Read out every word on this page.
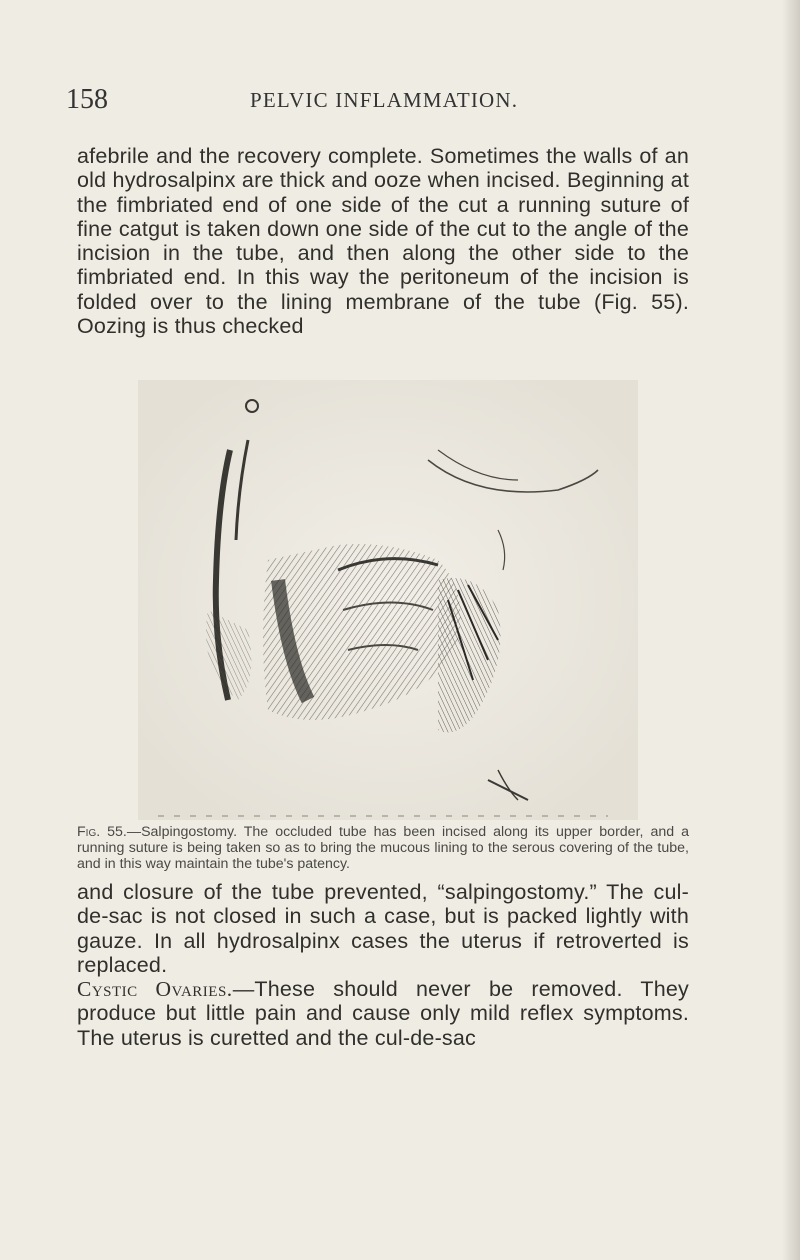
158	PELVIC INFLAMMATION.
afebrile and the recovery complete. Sometimes the walls of an old hydrosalpinx are thick and ooze when incised. Beginning at the fimbriated end of one side of the cut a running suture of fine catgut is taken down one side of the cut to the angle of the incision in the tube, and then along the other side to the fimbriated end. In this way the peritoneum of the incision is folded over to the lining membrane of the tube (Fig. 55). Oozing is thus checked
Fig. 55.—Salpingostomy. The occluded tube has been incised along its upper border, and a running suture is being taken so as to bring the mucous lining to the serous covering of the tube, and in this way maintain the tube's patency.
and closure of the tube prevented, “salpingostomy.” The cul-de-sac is not closed in such a case, but is packed lightly with gauze. In all hydrosalpinx cases the uterus if retroverted is replaced.
Cystic Ovaries.—These should never be removed. They produce but little pain and cause only mild reflex symptoms. The uterus is curetted and the cul-de-sac
